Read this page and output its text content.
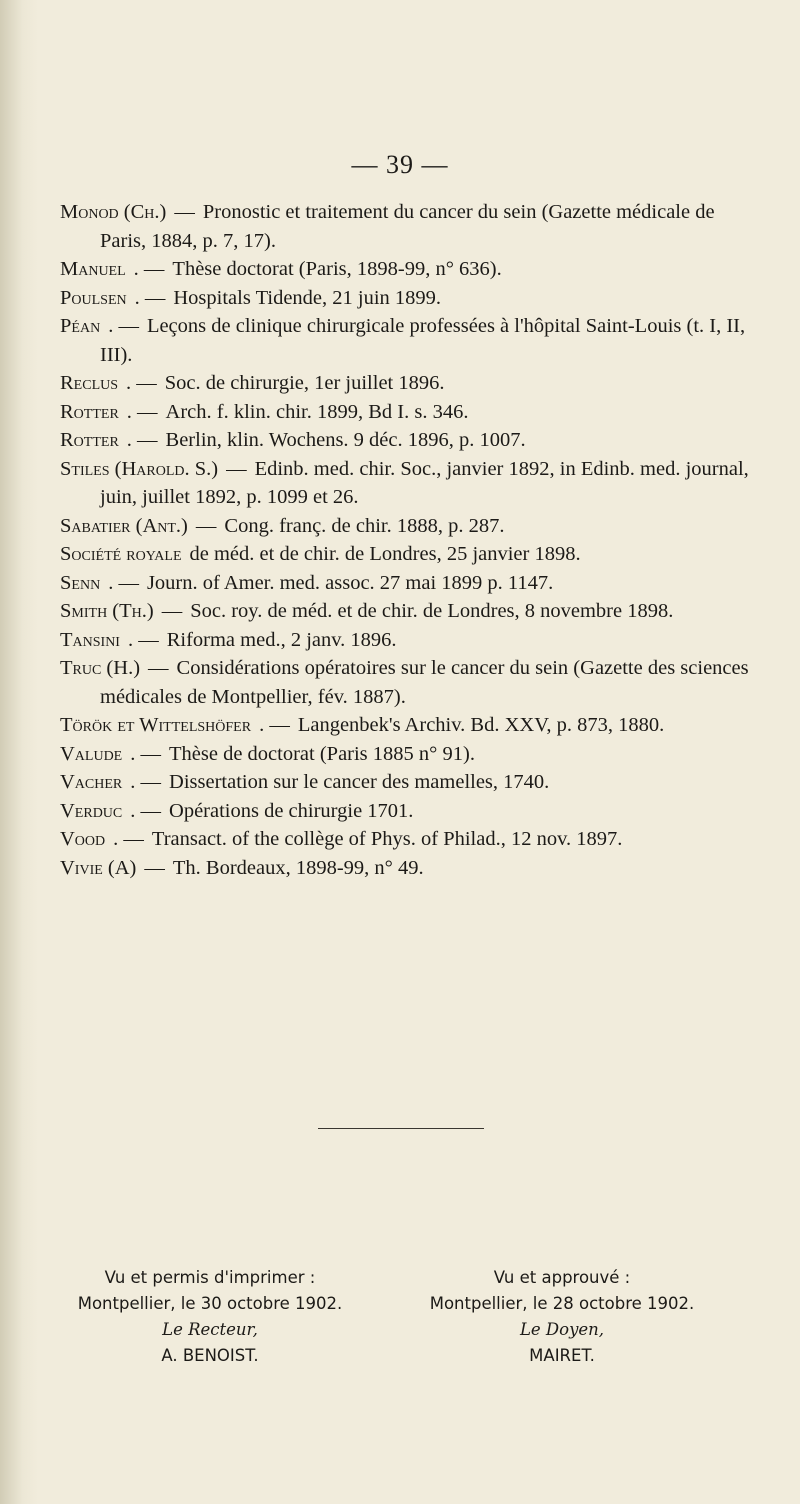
— 39 —
Monod (Ch.) — Pronostic et traitement du cancer du sein (Gazette médicale de Paris, 1884, p. 7, 17).
Manuel . — Thèse doctorat (Paris, 1898-99, n° 636).
Poulsen . — Hospitals Tidende, 21 juin 1899.
Péan . — Leçons de clinique chirurgicale professées à l'hôpital Saint-Louis (t. I, II, III).
Reclus . — Soc. de chirurgie, 1er juillet 1896.
Rotter . — Arch. f. klin. chir. 1899, Bd I. s. 346.
Rotter . — Berlin, klin. Wochens. 9 déc. 1896, p. 1007.
Stiles (Harold. S.) — Edinb. med. chir. Soc., janvier 1892, in Edinb. med. journal, juin, juillet 1892, p. 1099 et 26.
Sabatier (Ant.) — Cong. franç. de chir. 1888, p. 287.
Société royale de méd. et de chir. de Londres, 25 janvier 1898.
Senn . — Journ. of Amer. med. assoc. 27 mai 1899 p. 1147.
Smith (Th.) — Soc. roy. de méd. et de chir. de Londres, 8 novembre 1898.
Tansini . — Riforma med., 2 janv. 1896.
Truc (H.) — Considérations opératoires sur le cancer du sein (Gazette des sciences médicales de Montpellier, fév. 1887).
Török et Wittelshöfer . — Langenbek's Archiv. Bd. XXV, p. 873, 1880.
Valude . — Thèse de doctorat (Paris 1885 n° 91).
Vacher . — Dissertation sur le cancer des mamelles, 1740.
Verduc . — Opérations de chirurgie 1701.
Vood . — Transact. of the collège of Phys. of Philad., 12 nov. 1897.
Vivie (A) — Th. Bordeaux, 1898-99, n° 49.
Vu et permis d'imprimer :
Montpellier, le 30 octobre 1902.
Le Recteur,
A. BENOIST.
Vu et approuvé :
Montpellier, le 28 octobre 1902.
Le Doyen,
MAIRET.
